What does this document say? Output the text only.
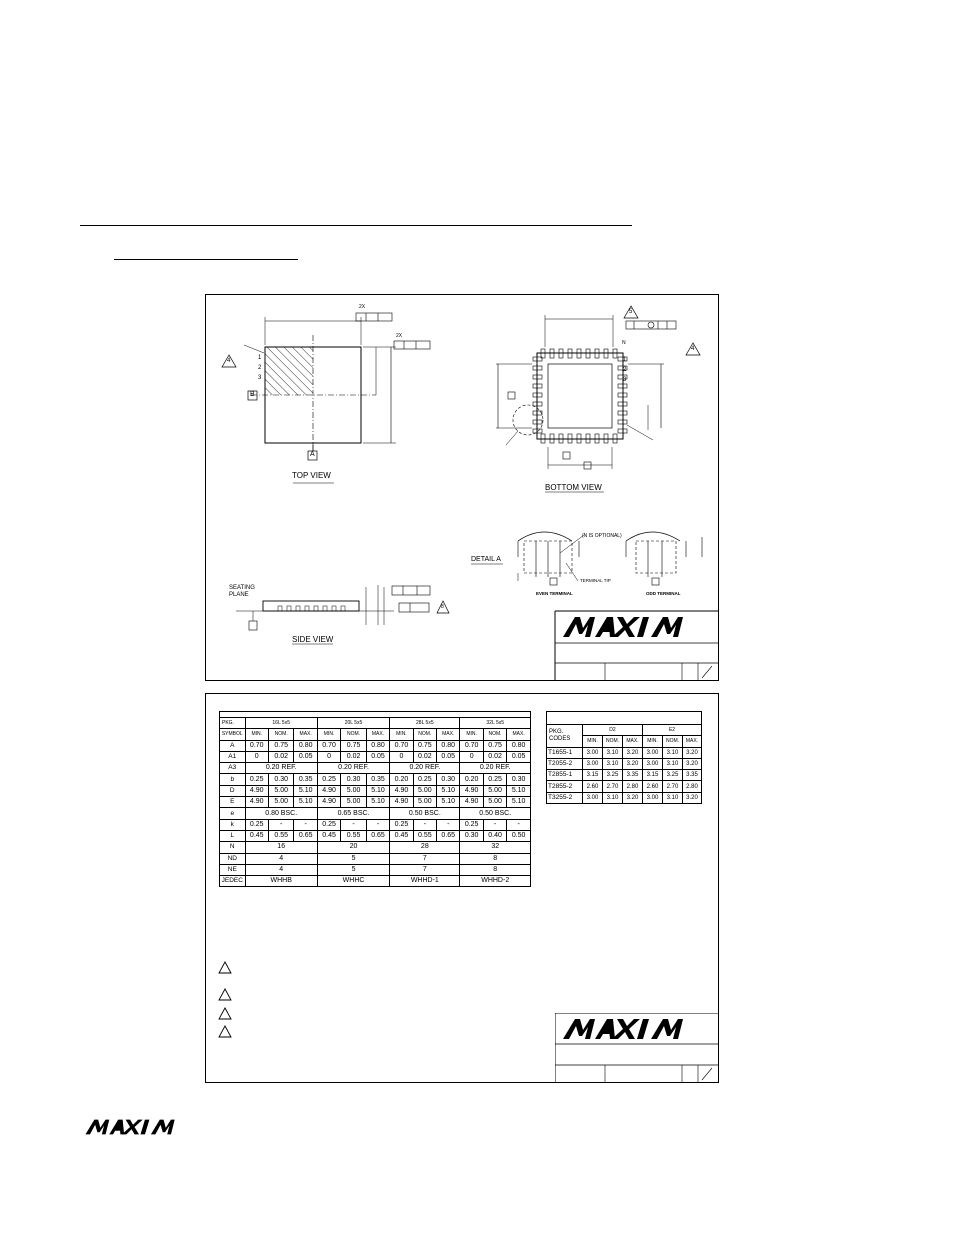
TOP VIEW
2X
2X
1
2
3
B
A
4
BOTTOM VIEW
5
4
N
1
2
3
DETAIL A
(N IS OPTIONAL)
TERMINAL TIP
EVEN TERMINAL	ODD TERMINAL
SIDE VIEW
SEATING
PLANE
8

PKG.	16L 5x5			20L 5x5			28L 5x5			32L 5x5		
SYMBOL	MIN.	NOM.	MAX.	MIN.	NOM.	MAX.	MIN.	NOM.	MAX.	MIN.	NOM.	MAX.
A	0.70	0.75	0.80	0.70	0.75	0.80	0.70	0.75	0.80	0.70	0.75	0.80
A1	0	0.02	0.05	0	0.02	0.05	0	0.02	0.05	0	0.02	0.05
A3	0.20 REF.			0.20 REF.			0.20 REF.			0.20 REF.		
b	0.25	0.30	0.35	0.25	0.30	0.35	0.20	0.25	0.30	0.20	0.25	0.30
D	4.90	5.00	5.10	4.90	5.00	5.10	4.90	5.00	5.10	4.90	5.00	5.10
E	4.90	5.00	5.10	4.90	5.00	5.10	4.90	5.00	5.10	4.90	5.00	5.10
e	0.80 BSC.			0.65 BSC.			0.50 BSC.			0.50 BSC.		
k	0.25	-	-	0.25	-	-	0.25	-	-	0.25	-	-
L	0.45	0.55	0.65	0.45	0.55	0.65	0.45	0.55	0.65	0.30	0.40	0.50
N	16			20			28			32		
ND	4			5			7			8		
NE	4			5			7			8		
JEDEC	WHHB			WHHC			WHHD-1			WHHD-2		

PKG.
CODES	D2			E2		
	MIN.	NOM.	MAX.	MIN.	NOM.	MAX.
T1655-1	3.00	3.10	3.20	3.00	3.10	3.20
T2055-2	3.00	3.10	3.20	3.00	3.10	3.20
T2855-1	3.15	3.25	3.35	3.15	3.25	3.35
T2855-2	2.60	2.70	2.80	2.60	2.70	2.80
T3255-2	3.00	3.10	3.20	3.00	3.10	3.20
